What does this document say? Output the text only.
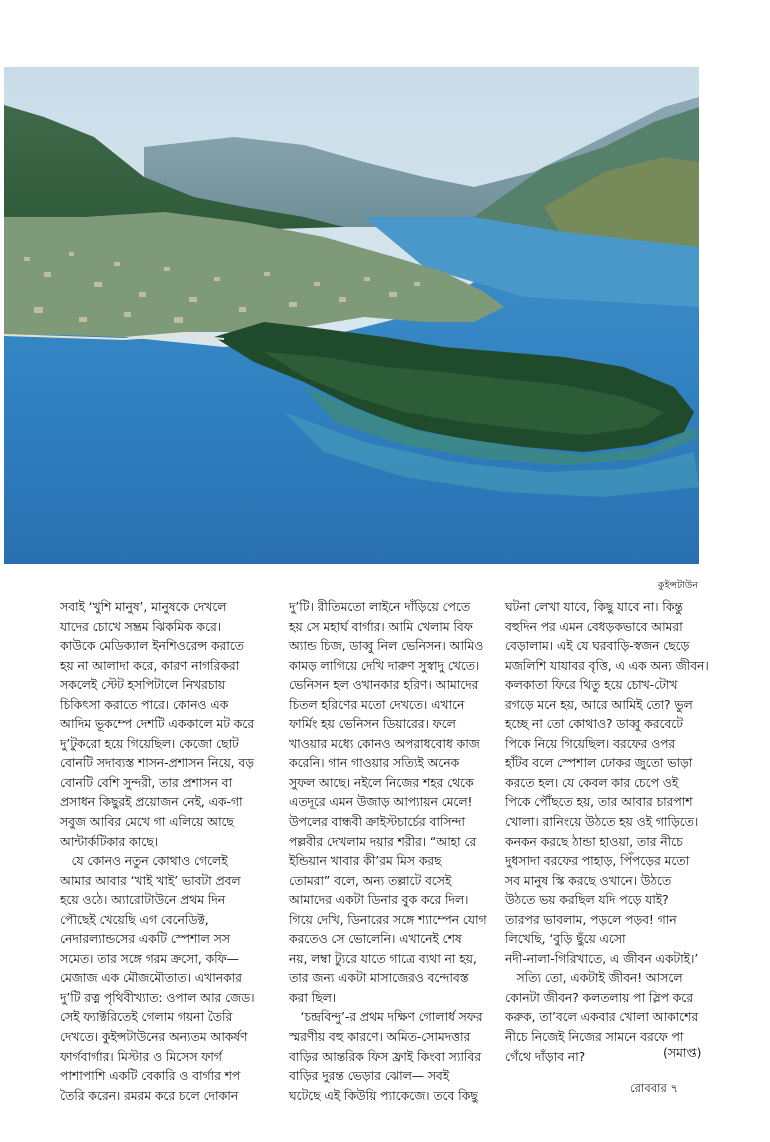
কুইন্সটাউন
সবাই ‘খুশি মানুষ’, মানুষকে দেখলে
যাদের চোখে সম্ভ্রম ঝিকমিক করে।
কাউকে মেডিক্যাল ইনশিওরেন্স করাতে
হয় না আলাদা করে, কারণ নাগরিকরা
সকলেই স্টেট হসপিটালে নিখরচায়
চিকিৎসা করাতে পারে। কোনও এক
আদিম ভূকম্পে দেশটি এককালে মট করে
দু’টুকরো হয়ে গিয়েছিল। কেজো ছোট
বোনটি সদাব্যস্ত শাসন-প্রশাসন নিয়ে, বড়
বোনটি বেশি সুন্দরী, তার প্রশাসন বা
প্রসাধন কিছুরই প্রয়োজন নেই, এক-গা
সবুজ আবির মেখে গা এলিয়ে আছে
আন্টার্কটিকার কাছে।
যে কোনও নতুন কোথাও গেলেই
আমার আবার ‘খাই খাই’ ভাবটা প্রবল
হয়ে ওঠে। অ্যারোটাউনে প্রথম দিন
পৌছেই খেয়েছি এগ বেনেডিক্ট,
নেদারল্যান্ডসের একটি স্পেশাল সস
সমেত। তার সঙ্গে গরম ক্রসো, কফি—
মেজাজ এক মৌজমৌতাত। এখানকার
দু’টি রত্ন পৃথিবীখ্যাত: ওপাল আর জেড।
সেই ফ্যাক্টরিতেই গেলাম গয়না তৈরি
দেখতে। কুইন্সটাউনের অন্যতম আকর্ষণ
ফার্গবার্গার। মিস্টার ও মিসেস ফার্গ
পাশাপাশি একটি বেকারি ও বার্গার শপ
তৈরি করেন। রমরম করে চলে দোকান
দু’টি। রীতিমতো লাইনে দাঁড়িয়ে পেতে
হয় সে মহার্ঘ বার্গার। আমি খেলাম বিফ
অ্যান্ড চিজ, ডাব্বু নিল ভেনিসন। আমিও
কামড় লাগিয়ে দেখি দারুণ সুস্বাদু খেতে।
ভেনিসন হল ওখানকার হরিণ। আমাদের
চিতল হরিণের মতো দেখতে। এখানে
ফার্মিং হয় ভেনিসন ডিয়ারের। ফলে
খাওয়ার মধ্যে কোনও অপরাধবোধ কাজ
করেনি। গান গাওয়ার সত্যিই অনেক
সুফল আছে। নইলে নিজের শহর থেকে
এতদূরে এমন উজাড় আপ্যায়ন মেলে!
উপলের বান্ধবী ক্রাইস্টচার্চের বাসিন্দা
পল্লবীর দেখলাম দয়ার শরীর। “আহা রে
ইন্ডিয়ান খাবার কী’রম মিস করছ
তোমরা” বলে, অন্য তল্লাটে বসেই
আমাদের একটা ডিনার বুক করে দিল।
গিয়ে দেখি, ডিনারের সঙ্গে শ্যাম্পেন যোগ
করতেও সে ভোলেনি। এখানেই শেষ
নয়, লম্বা ট্যুরে যাতে গাত্রে ব্যথা না হয়,
তার জন্য একটা মাসাজেরও বন্দোবস্ত
করা ছিল।
‘চন্দ্রবিন্দু’-র প্রথম দক্ষিণ গোলার্ধ সফর
স্মরণীয় বহু কারণে। অমিত-সোমদত্তার
বাড়ির আন্তরিক ফিস ফ্রাই কিংবা স্যাবির
বাড়ির দুরন্ত ভেড়ার ঝোল— সবই
ঘটেছে এই কিউয়ি প্যাকেজে। তবে কিছু
ঘটনা লেখা যাবে, কিছু যাবে না। কিন্তু
বহুদিন পর এমন বেধড়কভাবে আমরা
বেড়ালাম। এই যে ঘরবাড়ি-স্বজন ছেড়ে
মজলিশি যাযাবর বৃত্তি, এ এক অন্য জীবন।
কলকাতা ফিরে থিতু হয়ে চোখ-টোখ
রগড়ে মনে হয়, আরে আমিই তো? ভুল
হচ্ছে না তো কোথাও? ডাব্বু করবেটে
পিকে নিয়ে গিয়েছিল। বরফের ওপর
হাঁটব বলে স্পেশাল ঢোকর জুতো ভাড়া
করতে হল। যে কেবল কার চেপে ওই
পিকে পৌঁছতে হয়, তার আবার চারপাশ
খোলা। রানিংয়ে উঠতে হয় ওই গাড়িতে।
কনকন করছে ঠান্ডা হাওয়া, তার নীচে
দুধসাদা বরফের পাহাড়, পিঁপড়ের মতো
সব মানুষ স্কি করছে ওখানে। উঠতে
উঠতে ভয় করছিল যদি পড়ে যাই?
তারপর ভাবলাম, পড়লে পড়ব! গান
লিখেছি, ‘বুড়ি ছুঁয়ে এসো
নদী-নালা-গিরিখাতে, এ জীবন একটাই।’
সত্যি তো, একটাই জীবন! আসলে
কোনটা জীবন? কলতলায় পা স্লিপ করে
করুক, তা’বলে একবার খোলা আকাশের
নীচে নিজেই নিজের সামনে বরফে পা
গেঁথে দাঁড়াব না?	(সমাপ্ত)
রোববার ৭
